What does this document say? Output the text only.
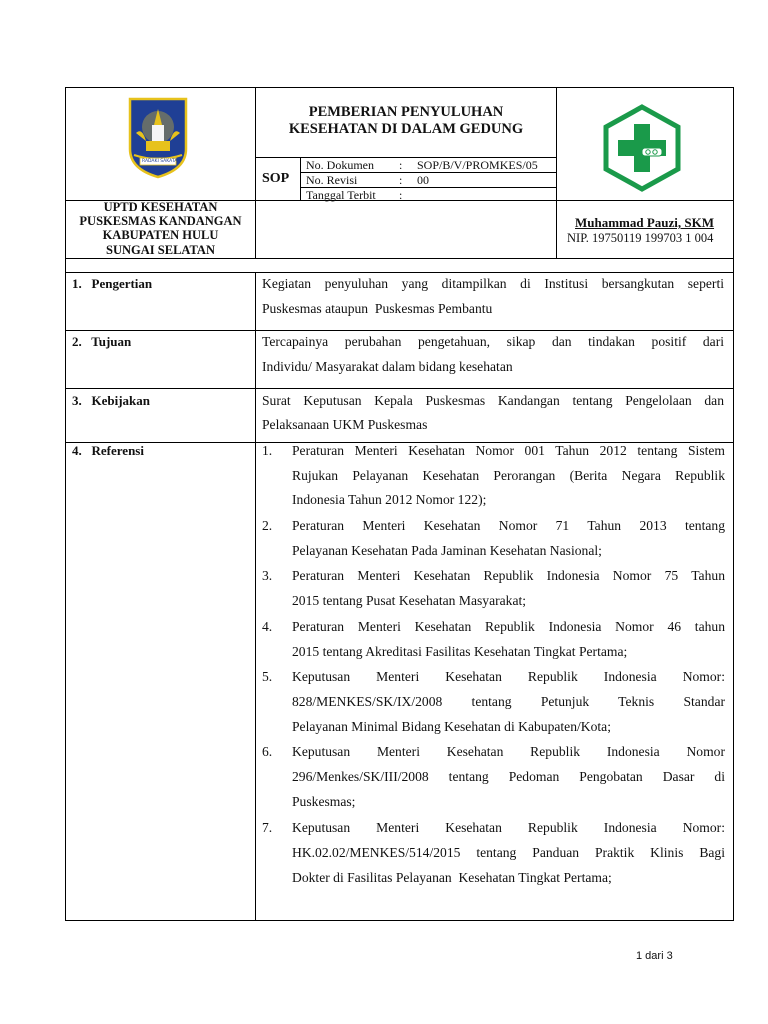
RADAKI SAKATAN
PEMBERIAN PENYULUHAN
KESEHATAN DI DALAM GEDUNG
SOP
No. Dokumen : SOP/B/V/PROMKES/05
No. Revisi	: 00
Tanggal Terbit :
UPTD KESEHATAN
PUSKESMAS KANDANGAN
KABUPATEN HULU
SUNGAI SELATAN
Muhammad Pauzi, SKM
NIP. 19750119 199703 1 004
1.   Pengertian	Kegiatan penyuluhan yang ditampilkan di Institusi bersangkutan seperti
Puskesmas ataupun  Puskesmas Pembantu
2.   Tujuan	Tercapainya perubahan pengetahuan, sikap dan tindakan positif dari
Individu/ Masyarakat dalam bidang kesehatan
3.   Kebijakan	Surat Keputusan Kepala Puskesmas Kandangan tentang Pengelolaan dan
Pelaksanaan UKM Puskesmas
4.   Referensi	1. Peraturan Menteri Kesehatan Nomor 001 Tahun 2012 tentang Sistem
Rujukan Pelayanan Kesehatan Perorangan (Berita Negara Republik
Indonesia Tahun 2012 Nomor 122);
2. Peraturan Menteri Kesehatan Nomor 71 Tahun 2013 tentang
Pelayanan Kesehatan Pada Jaminan Kesehatan Nasional;
3. Peraturan Menteri Kesehatan Republik Indonesia Nomor 75 Tahun
2015 tentang Pusat Kesehatan Masyarakat;
4. Peraturan Menteri Kesehatan Republik Indonesia Nomor 46 tahun
2015 tentang Akreditasi Fasilitas Kesehatan Tingkat Pertama;
5. Keputusan Menteri Kesehatan Republik Indonesia Nomor:
828/MENKES/SK/IX/2008 tentang Petunjuk Teknis Standar
Pelayanan Minimal Bidang Kesehatan di Kabupaten/Kota;
6. Keputusan Menteri Kesehatan Republik Indonesia Nomor
296/Menkes/SK/III/2008 tentang Pedoman Pengobatan Dasar di
Puskesmas;
7. Keputusan Menteri Kesehatan Republik Indonesia Nomor:
HK.02.02/MENKES/514/2015 tentang Panduan Praktik Klinis Bagi
Dokter di Fasilitas Pelayanan  Kesehatan Tingkat Pertama;
1 dari 3
